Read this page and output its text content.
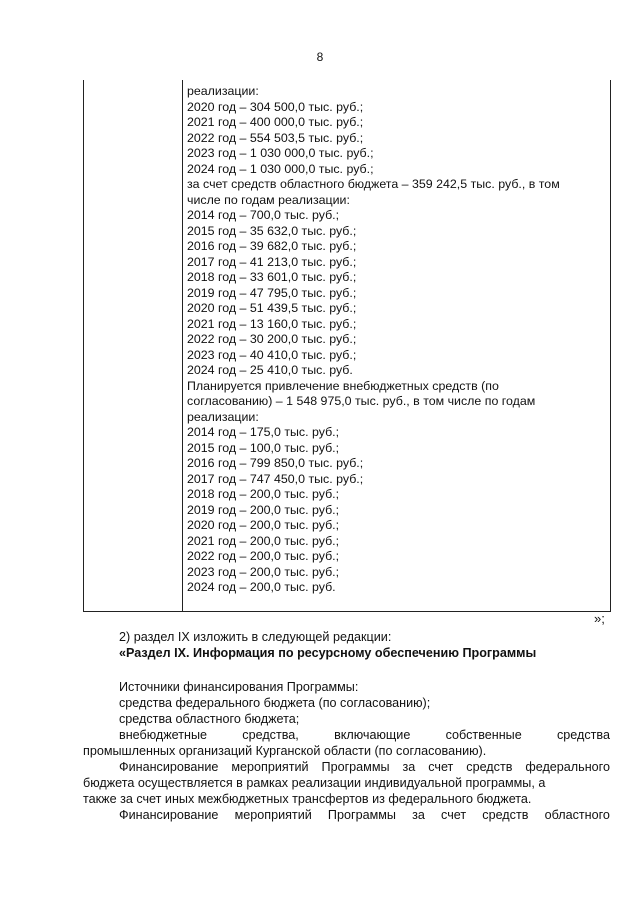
8
реализации:
2020 год – 304 500,0 тыс. руб.;
2021 год – 400 000,0 тыс. руб.;
2022 год – 554 503,5 тыс. руб.;
2023 год – 1 030 000,0 тыс. руб.;
2024 год – 1 030 000,0 тыс. руб.;
за счет средств областного бюджета – 359 242,5 тыс. руб., в том
числе по годам реализации:
2014 год – 700,0 тыс. руб.;
2015 год – 35 632,0 тыс. руб.;
2016 год – 39 682,0 тыс. руб.;
2017 год – 41 213,0 тыс. руб.;
2018 год – 33 601,0 тыс. руб.;
2019 год – 47 795,0 тыс. руб.;
2020 год – 51 439,5 тыс. руб.;
2021 год – 13 160,0 тыс. руб.;
2022 год – 30 200,0 тыс. руб.;
2023 год – 40 410,0 тыс. руб.;
2024 год – 25 410,0 тыс. руб.
Планируется привлечение внебюджетных средств (по
согласованию) – 1 548 975,0 тыс. руб., в том числе по годам
реализации:
2014 год – 175,0 тыс. руб.;
2015 год – 100,0 тыс. руб.;
2016 год – 799 850,0 тыс. руб.;
2017 год – 747 450,0 тыс. руб.;
2018 год – 200,0 тыс. руб.;
2019 год – 200,0 тыс. руб.;
2020 год – 200,0 тыс. руб.;
2021 год – 200,0 тыс. руб.;
2022 год – 200,0 тыс. руб.;
2023 год – 200,0 тыс. руб.;
2024 год – 200,0 тыс. руб.
»;
2) раздел IX изложить в следующей редакции:
«Раздел IX. Информация по ресурсному обеспечению Программы
Источники финансирования Программы:
средства федерального бюджета (по согласованию);
средства областного бюджета;
внебюджетные	средства,	включающие	собственные	средства
промышленных организаций Курганской области (по согласованию).
Финансирование мероприятий Программы за счет средств федерального
бюджета осуществляется в рамках реализации индивидуальной программы, а
также за счет иных межбюджетных трансфертов из федерального бюджета.
Финансирование мероприятий Программы за счет средств областного
